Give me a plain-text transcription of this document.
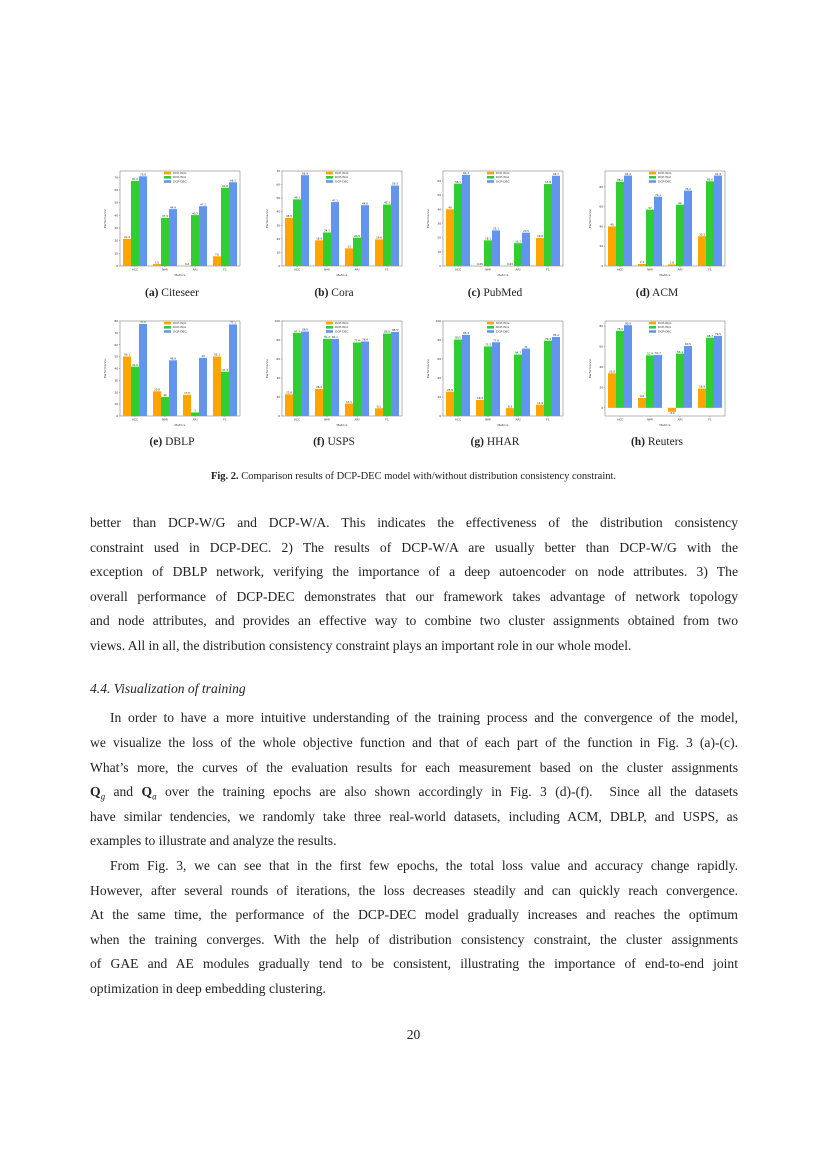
0
10
20
30
40
50
60
70
ACC
21.4
67.2
70.8
NMI
1.5
37.9
44.9
ARI
0.2
40.2
47.2
F1
7.6
61.8
66.1
Metrics
Performance
DCP-W/G
DCP-W/A
DCP-DEC
(a) Citeseer
0
10
20
30
40
50
60
70
ACC
35.5
49.1
66.9
NMI
18.9
24.7
47.1
ARI
13
20.9
44.8
F1
19.6
45.3
59.3
Metrics
Performance
DCP-W/G
DCP-W/A
DCP-DEC
(b) Cora
0
10
20
30
40
50
60
ACC
40
58.1
64.3
NMI
0.05
18.1
25.1
ARI
0.03
16.1
23.5
F1
19.8
57.8
63.7
Metrics
Performance
DCP-W/G
DCP-W/A
DCP-DEC
(c) PubMed
0
20
40
60
80
ACC
40
85.2
91.4
NMI
2.1
57
70.1
ARI
1.6
62
76.2
F1
30.1
85.6
91.4
Metrics
Performance
DCP-W/G
DCP-W/A
DCP-DEC
(d) ACM
0
10
20
30
40
50
60
70
80
ACC
50.1
41.6
77.5
NMI
20.8
16
46.9
ARI
17.8
3
49
F1
50.1
37.3
77.1
Metrics
Performance
DCP-W/G
DCP-W/A
DCP-DEC
(e) DBLP
0
20
40
60
80
100
ACC
22.8
87.3
88.9
NMI
28.4
81.2 81.1
ARI
13.1
77.4 78.4
F1
8.1
86.8
88.5
Metrics
Performance
DCP-W/G
DCP-W/A
DCP-DEC
(f) USPS
0
20
40
60
80
100
ACC
25.6
80.5
85.4
NMI
16.9
73.2
77.6
ARI
8.3
64.7
71
F1
11.9
79.3
83.2
Metrics
Performance
DCP-W/G
DCP-W/A
DCP-DEC
(g) HHAR
0
20
40
60
80
ACC
33.8
75.4
80.9
NMI
9.6
51.4 51.7
ARI
-3.9
53.1
60.5
F1
18.9
68.7
70.5
Metrics
Performance
DCP-W/G
DCP-W/A
DCP-DEC
(h) Reuters
Fig. 2. Comparison results of DCP-DEC model with/without distribution consistency constraint.
better than DCP-W/G and DCP-W/A. This indicates the effectiveness of the distribution consistency
constraint used in DCP-DEC. 2) The results of DCP-W/A are usually better than DCP-W/G with the
exception of DBLP network, verifying the importance of a deep autoencoder on node attributes. 3) The
overall performance of DCP-DEC demonstrates that our framework takes advantage of network topology
and node attributes, and provides an effective way to combine two cluster assignments obtained from two
views. All in all, the distribution consistency constraint plays an important role in our whole model.
4.4. Visualization of training
In order to have a more intuitive understanding of the training process and the convergence of the model,
we visualize the loss of the whole objective function and that of each part of the function in Fig. 3 (a)-(c).
What’s more, the curves of the evaluation results for each measurement based on the cluster assignments
$Q_g$ and $Q_a$ over the training epochs are also shown accordingly in Fig. 3 (d)-(f).  Since all the datasets
have similar tendencies, we randomly take three real-world datasets, including ACM, DBLP, and USPS, as
examples to illustrate and analyze the results.
From Fig. 3, we can see that in the first few epochs, the total loss value and accuracy change rapidly.
However, after several rounds of iterations, the loss decreases steadily and can quickly reach convergence.
At the same time, the performance of the DCP-DEC model gradually increases and reaches the optimum
when the training converges. With the help of distribution consistency constraint, the cluster assignments
of GAE and AE modules gradually tend to be consistent, illustrating the importance of end-to-end joint
optimization in deep embedding clustering.
20
